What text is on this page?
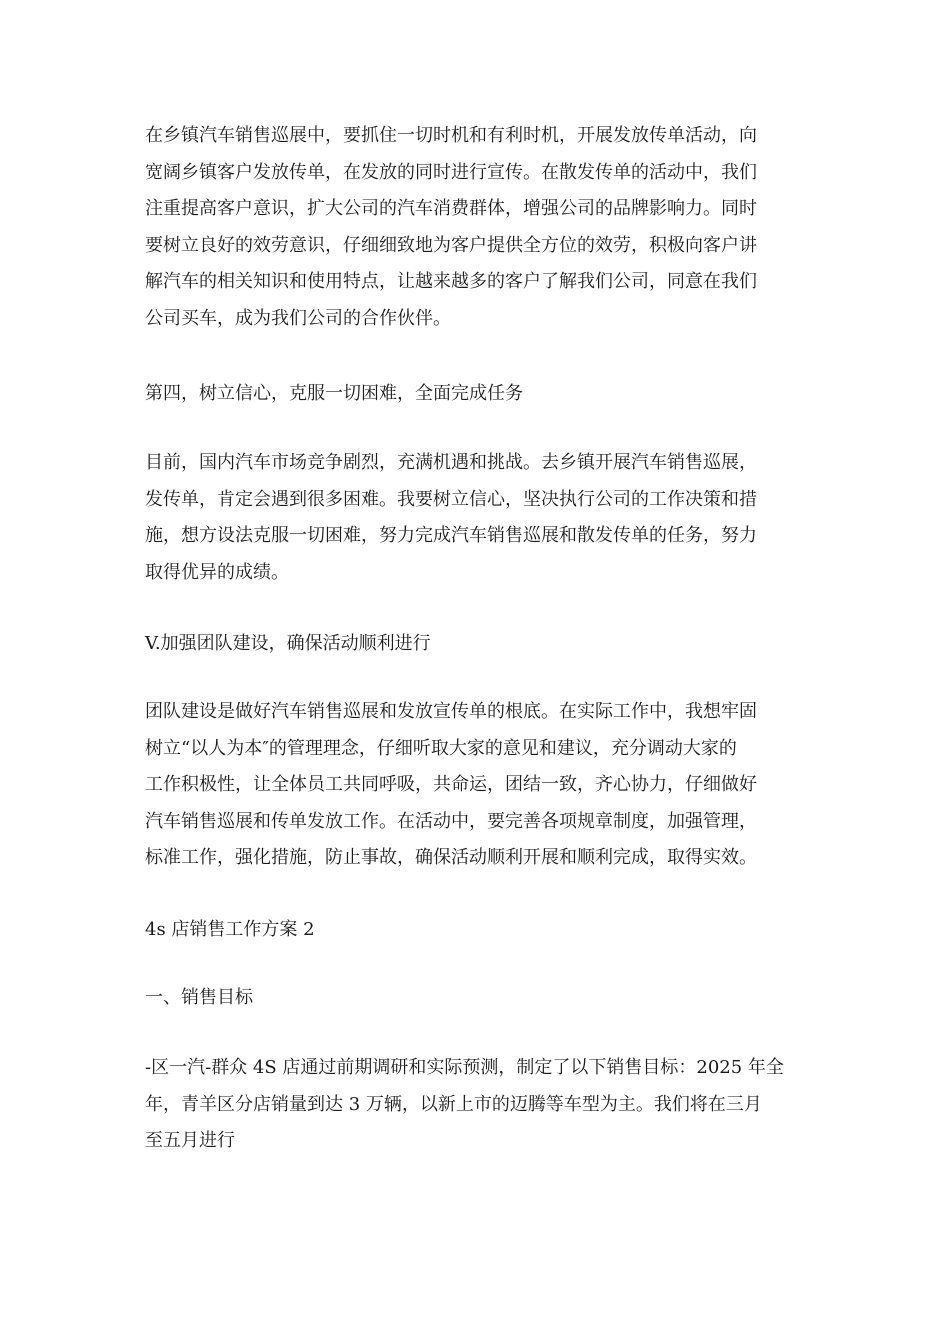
在乡镇汽车销售巡展中，要抓住一切时机和有利时机，开展发放传单活动，向
宽阔乡镇客户发放传单，在发放的同时进行宣传。在散发传单的活动中，我们
注重提高客户意识，扩大公司的汽车消费群体，增强公司的品牌影响力。同时
要树立良好的效劳意识，仔细细致地为客户提供全方位的效劳，积极向客户讲
解汽车的相关知识和使用特点，让越来越多的客户了解我们公司，同意在我们
公司买车，成为我们公司的合作伙伴。

第四，树立信心，克服一切困难，全面完成任务

目前，国内汽车市场竞争剧烈，充满机遇和挑战。去乡镇开展汽车销售巡展，
发传单，肯定会遇到很多困难。我要树立信心，坚决执行公司的工作决策和措
施，想方设法克服一切困难，努力完成汽车销售巡展和散发传单的任务，努力
取得优异的成绩。

V.加强团队建设，确保活动顺利进行

团队建设是做好汽车销售巡展和发放宣传单的根底。在实际工作中，我想牢固
树立“以人为本″的管理理念，仔细听取大家的意见和建议，充分调动大家的
工作积极性，让全体员工共同呼吸，共命运，团结一致，齐心协力，仔细做好
汽车销售巡展和传单发放工作。在活动中，要完善各项规章制度，加强管理，
标准工作，强化措施，防止事故，确保活动顺利开展和顺利完成，取得实效。

4s 店销售工作方案 2

一、销售目标

-区一汽-群众 4S 店通过前期调研和实际预测，制定了以下销售目标：2025 年全
年，青羊区分店销量到达 3 万辆，以新上市的迈腾等车型为主。我们将在三月
至五月进行
